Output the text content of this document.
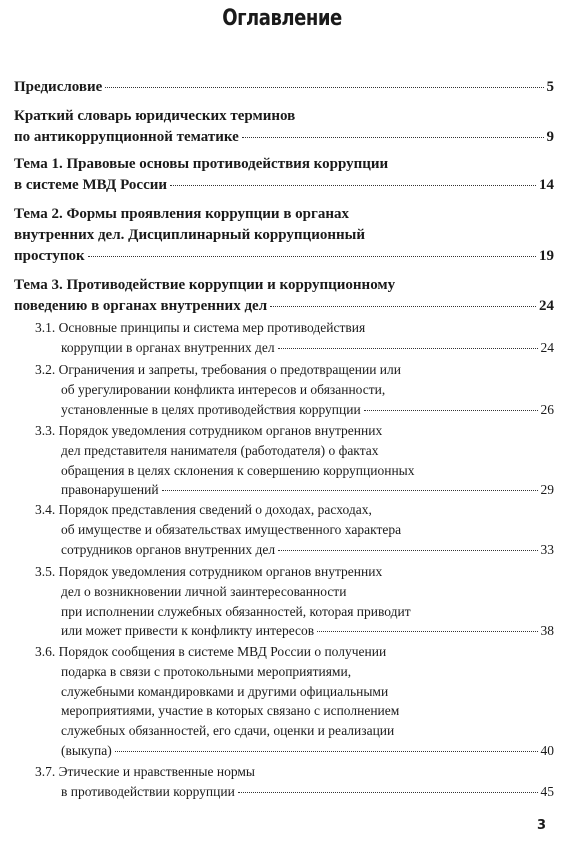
Оглавление
Предисловие	5
Краткий словарь юридических терминов
по антикоррупционной тематике	9
Тема 1. Правовые основы противодействия коррупции
в системе МВД России	14
Тема 2. Формы проявления коррупции в органах
внутренних дел. Дисциплинарный коррупционный
проступок	19
Тема 3. Противодействие коррупции и коррупционному
поведению в органах внутренних дел	24
3.1. Основные принципы и система мер противодействия
коррупции в органах внутренних дел	24
3.2. Ограничения и запреты, требования о предотвращении или
об урегулировании конфликта интересов и обязанности,
установленные в целях противодействия коррупции	26
3.3. Порядок уведомления сотрудником органов внутренних
дел представителя нанимателя (работодателя) о фактах
обращения в целях склонения к совершению коррупционных
правонарушений	29
3.4. Порядок представления сведений о доходах, расходах,
об имуществе и обязательствах имущественного характера
сотрудников органов внутренних дел	33
3.5. Порядок уведомления сотрудником органов внутренних
дел о возникновении личной заинтересованности
при исполнении служебных обязанностей, которая приводит
или может привести к конфликту интересов	38
3.6. Порядок сообщения в системе МВД России о получении
подарка в связи с протокольными мероприятиями,
служебными командировками и другими официальными
мероприятиями, участие в которых связано с исполнением
служебных обязанностей, его сдачи, оценки и реализации
(выкупа)	40
3.7. Этические и нравственные нормы
в противодействии коррупции	45
3
